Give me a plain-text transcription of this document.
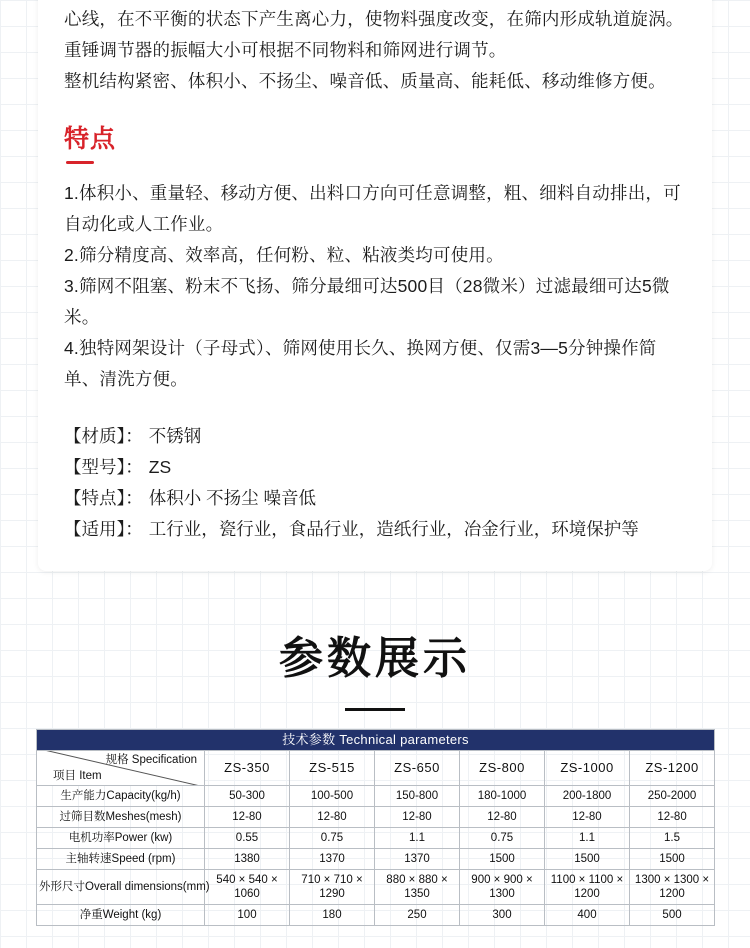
心线，在不平衡的状态下产生离心力，使物料强度改变，在筛内形成轨道旋涡。重锤调节器的振幅大小可根据不同物料和筛网进行调节。

整机结构紧密、体积小、不扬尘、噪音低、质量高、能耗低、移动维修方便。

特点
1.体积小、重量轻、移动方便、出料口方向可任意调整，粗、细料自动排出，可自动化或人工作业。
2.筛分精度高、效率高，任何粉、粒、粘液类均可使用。
3.筛网不阻塞、粉末不飞扬、筛分最细可达500目（28微米）过滤最细可达5微米。
4.独特网架设计（子母式）、筛网使用长久、换网方便、仅需3—5分钟操作简单、清洗方便。
【材质】： 不锈钢
【型号】： ZS
【特点】： 体积小 不扬尘 噪音低
【适用】： 工行业，瓷行业，食品行业，造纸行业，冶金行业，环境保护等
参数展示
技术参数 Technical parameters						

规格 Specification
项目 Item	ZS-350	ZS-515	ZS-650	ZS-800	ZS-1000	ZS-1200
生产能力Capacity(kg/h)	50-300	100-500	150-800	180-1000	200-1800	250-2000
过筛目数Meshes(mesh)	12-80	12-80	12-80	12-80	12-80	12-80
电机功率Power (kw)	0.55	0.75	1.1	0.75	1.1	1.5
主轴转速Speed (rpm)	1380	1370	1370	1500	1500	1500
外形尺寸Overall dimensions(mm)	540 × 540 × 1060	710 × 710 × 1290	880 × 880 × 1350	900 × 900 × 1300	1100 × 1100 × 1200	1300 × 1300 × 1200
净重Weight (kg)	100	180	250	300	400	500
